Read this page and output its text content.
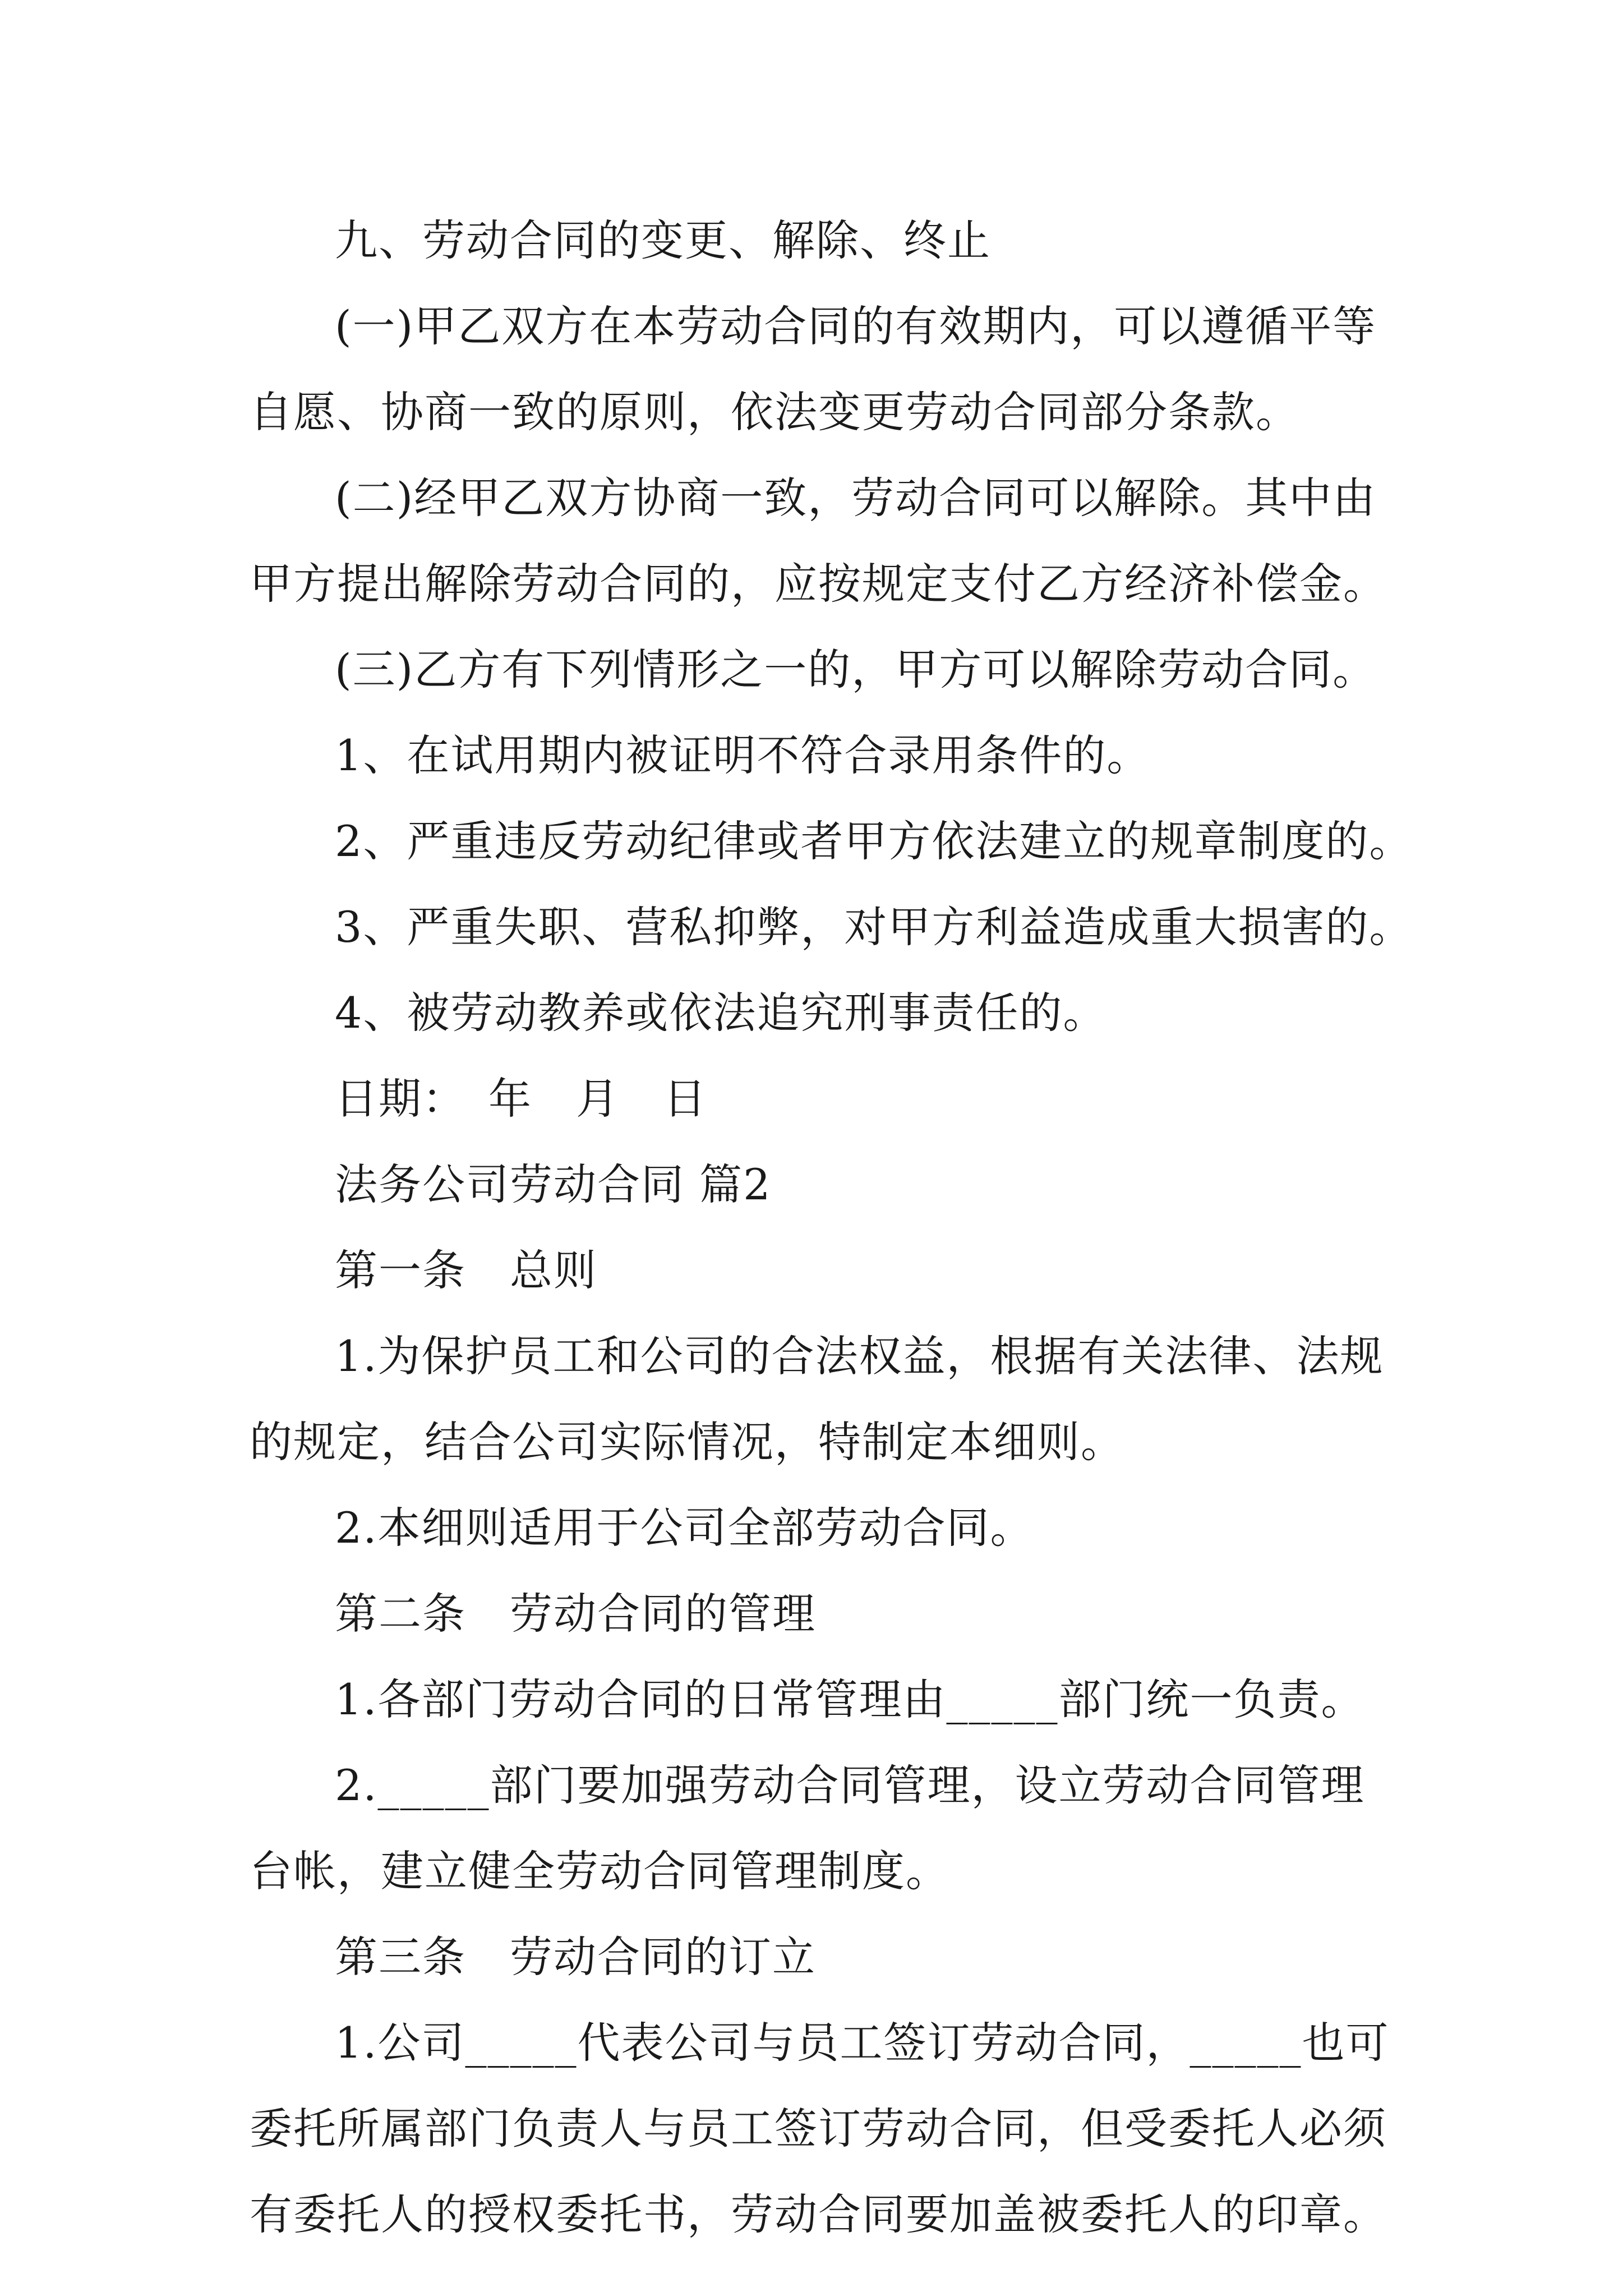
九、劳动合同的变更、解除、终止
(一)甲乙双方在本劳动合同的有效期内，可以遵循平等
自愿、协商一致的原则，依法变更劳动合同部分条款。
(二)经甲乙双方协商一致，劳动合同可以解除。其中由
甲方提出解除劳动合同的，应按规定支付乙方经济补偿金。
(三)乙方有下列情形之一的，甲方可以解除劳动合同。
1、在试用期内被证明不符合录用条件的。
2、严重违反劳动纪律或者甲方依法建立的规章制度的。
3、严重失职、营私抑弊，对甲方利益造成重大损害的。
4、被劳动教养或依法追究刑事责任的。
日期：　年　月　日
法务公司劳动合同 篇2
第一条　总则
1.为保护员工和公司的合法权益，根据有关法律、法规
的规定，结合公司实际情况，特制定本细则。
2.本细则适用于公司全部劳动合同。
第二条　劳动合同的管理
1.各部门劳动合同的日常管理由_____部门统一负责。
2._____部门要加强劳动合同管理，设立劳动合同管理
台帐，建立健全劳动合同管理制度。
第三条　劳动合同的订立
1.公司_____代表公司与员工签订劳动合同，_____也可
委托所属部门负责人与员工签订劳动合同，但受委托人必须
有委托人的授权委托书，劳动合同要加盖被委托人的印章。
